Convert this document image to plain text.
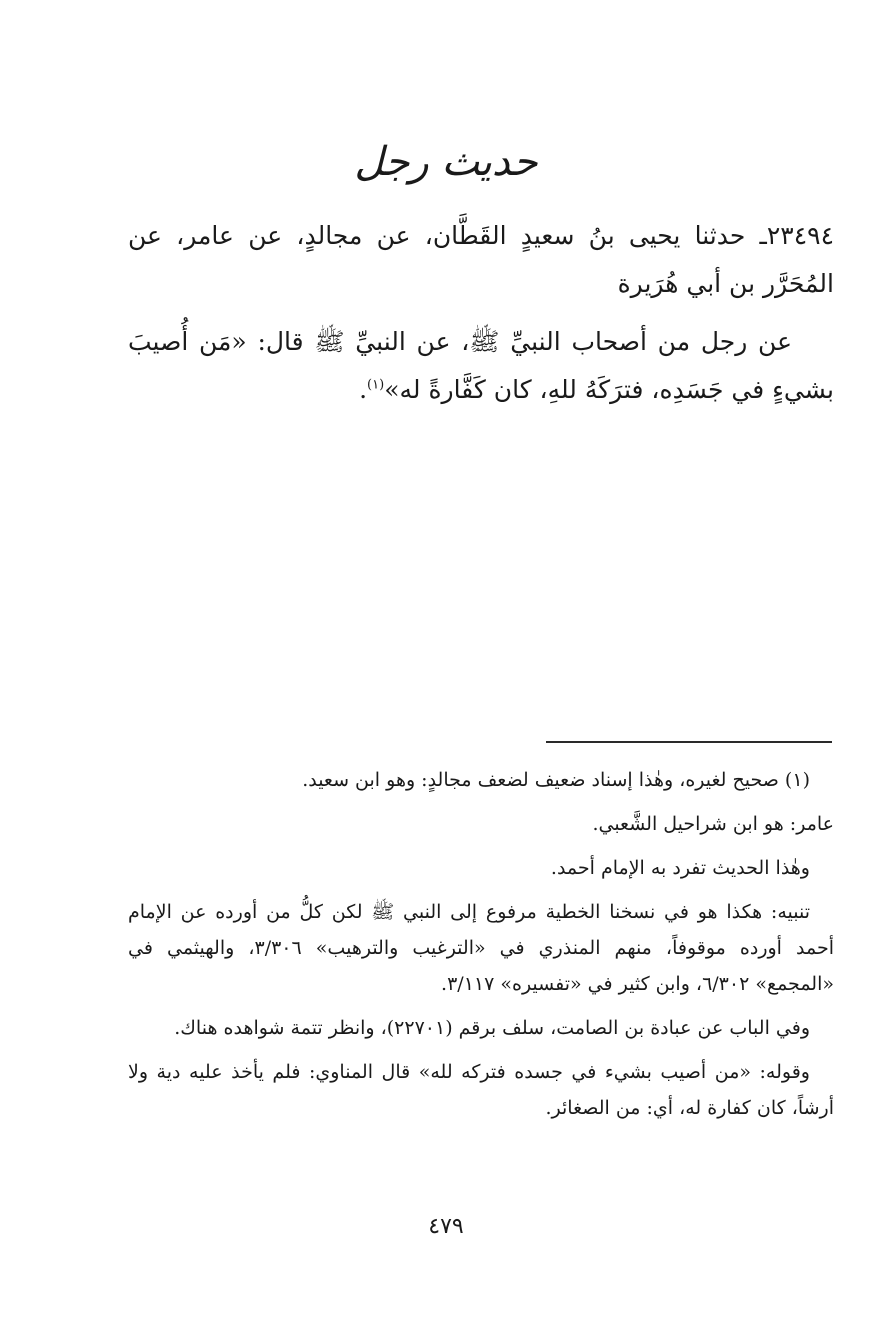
حديث رجل

٢٣٤٩٤ـ حدثنا يحيى بنُ سعيدٍ القَطَّان، عن مجالدٍ، عن عامر، عن المُحَرَّر بن أبي هُرَيرة

عن رجل من أصحاب النبيِّ ﷺ، عن النبيِّ ﷺ قال: «مَن أُصيبَ بشيءٍ في جَسَدِه، فترَكَهُ للهِ، كان كَفَّارةً له»$^{(١)}$.

(١) صحيح لغيره، وهٰذا إسناد ضعيف لضعف مجالدٍ: وهو ابن سعيد.

عامر: هو ابن شراحيل الشَّعبي.

وهٰذا الحديث تفرد به الإمام أحمد.

تنبيه: هكذا هو في نسخنا الخطية مرفوع إلى النبي ﷺ لكن كلُّ من أورده عن الإمام أحمد أورده موقوفاً، منهم المنذري في «الترغيب والترهيب» ٣/٣٠٦، والهيثمي في «المجمع» ٦/٣٠٢، وابن كثير في «تفسيره» ٣/١١٧.

وفي الباب عن عبادة بن الصامت، سلف برقم (٢٢٧٠١)، وانظر تتمة شواهده هناك.

وقوله: «من أصيب بشيء في جسده فتركه لله» قال المناوي: فلم يأخذ عليه دية ولا أرشاً، كان كفارة له، أي: من الصغائر.

٤٧٩
